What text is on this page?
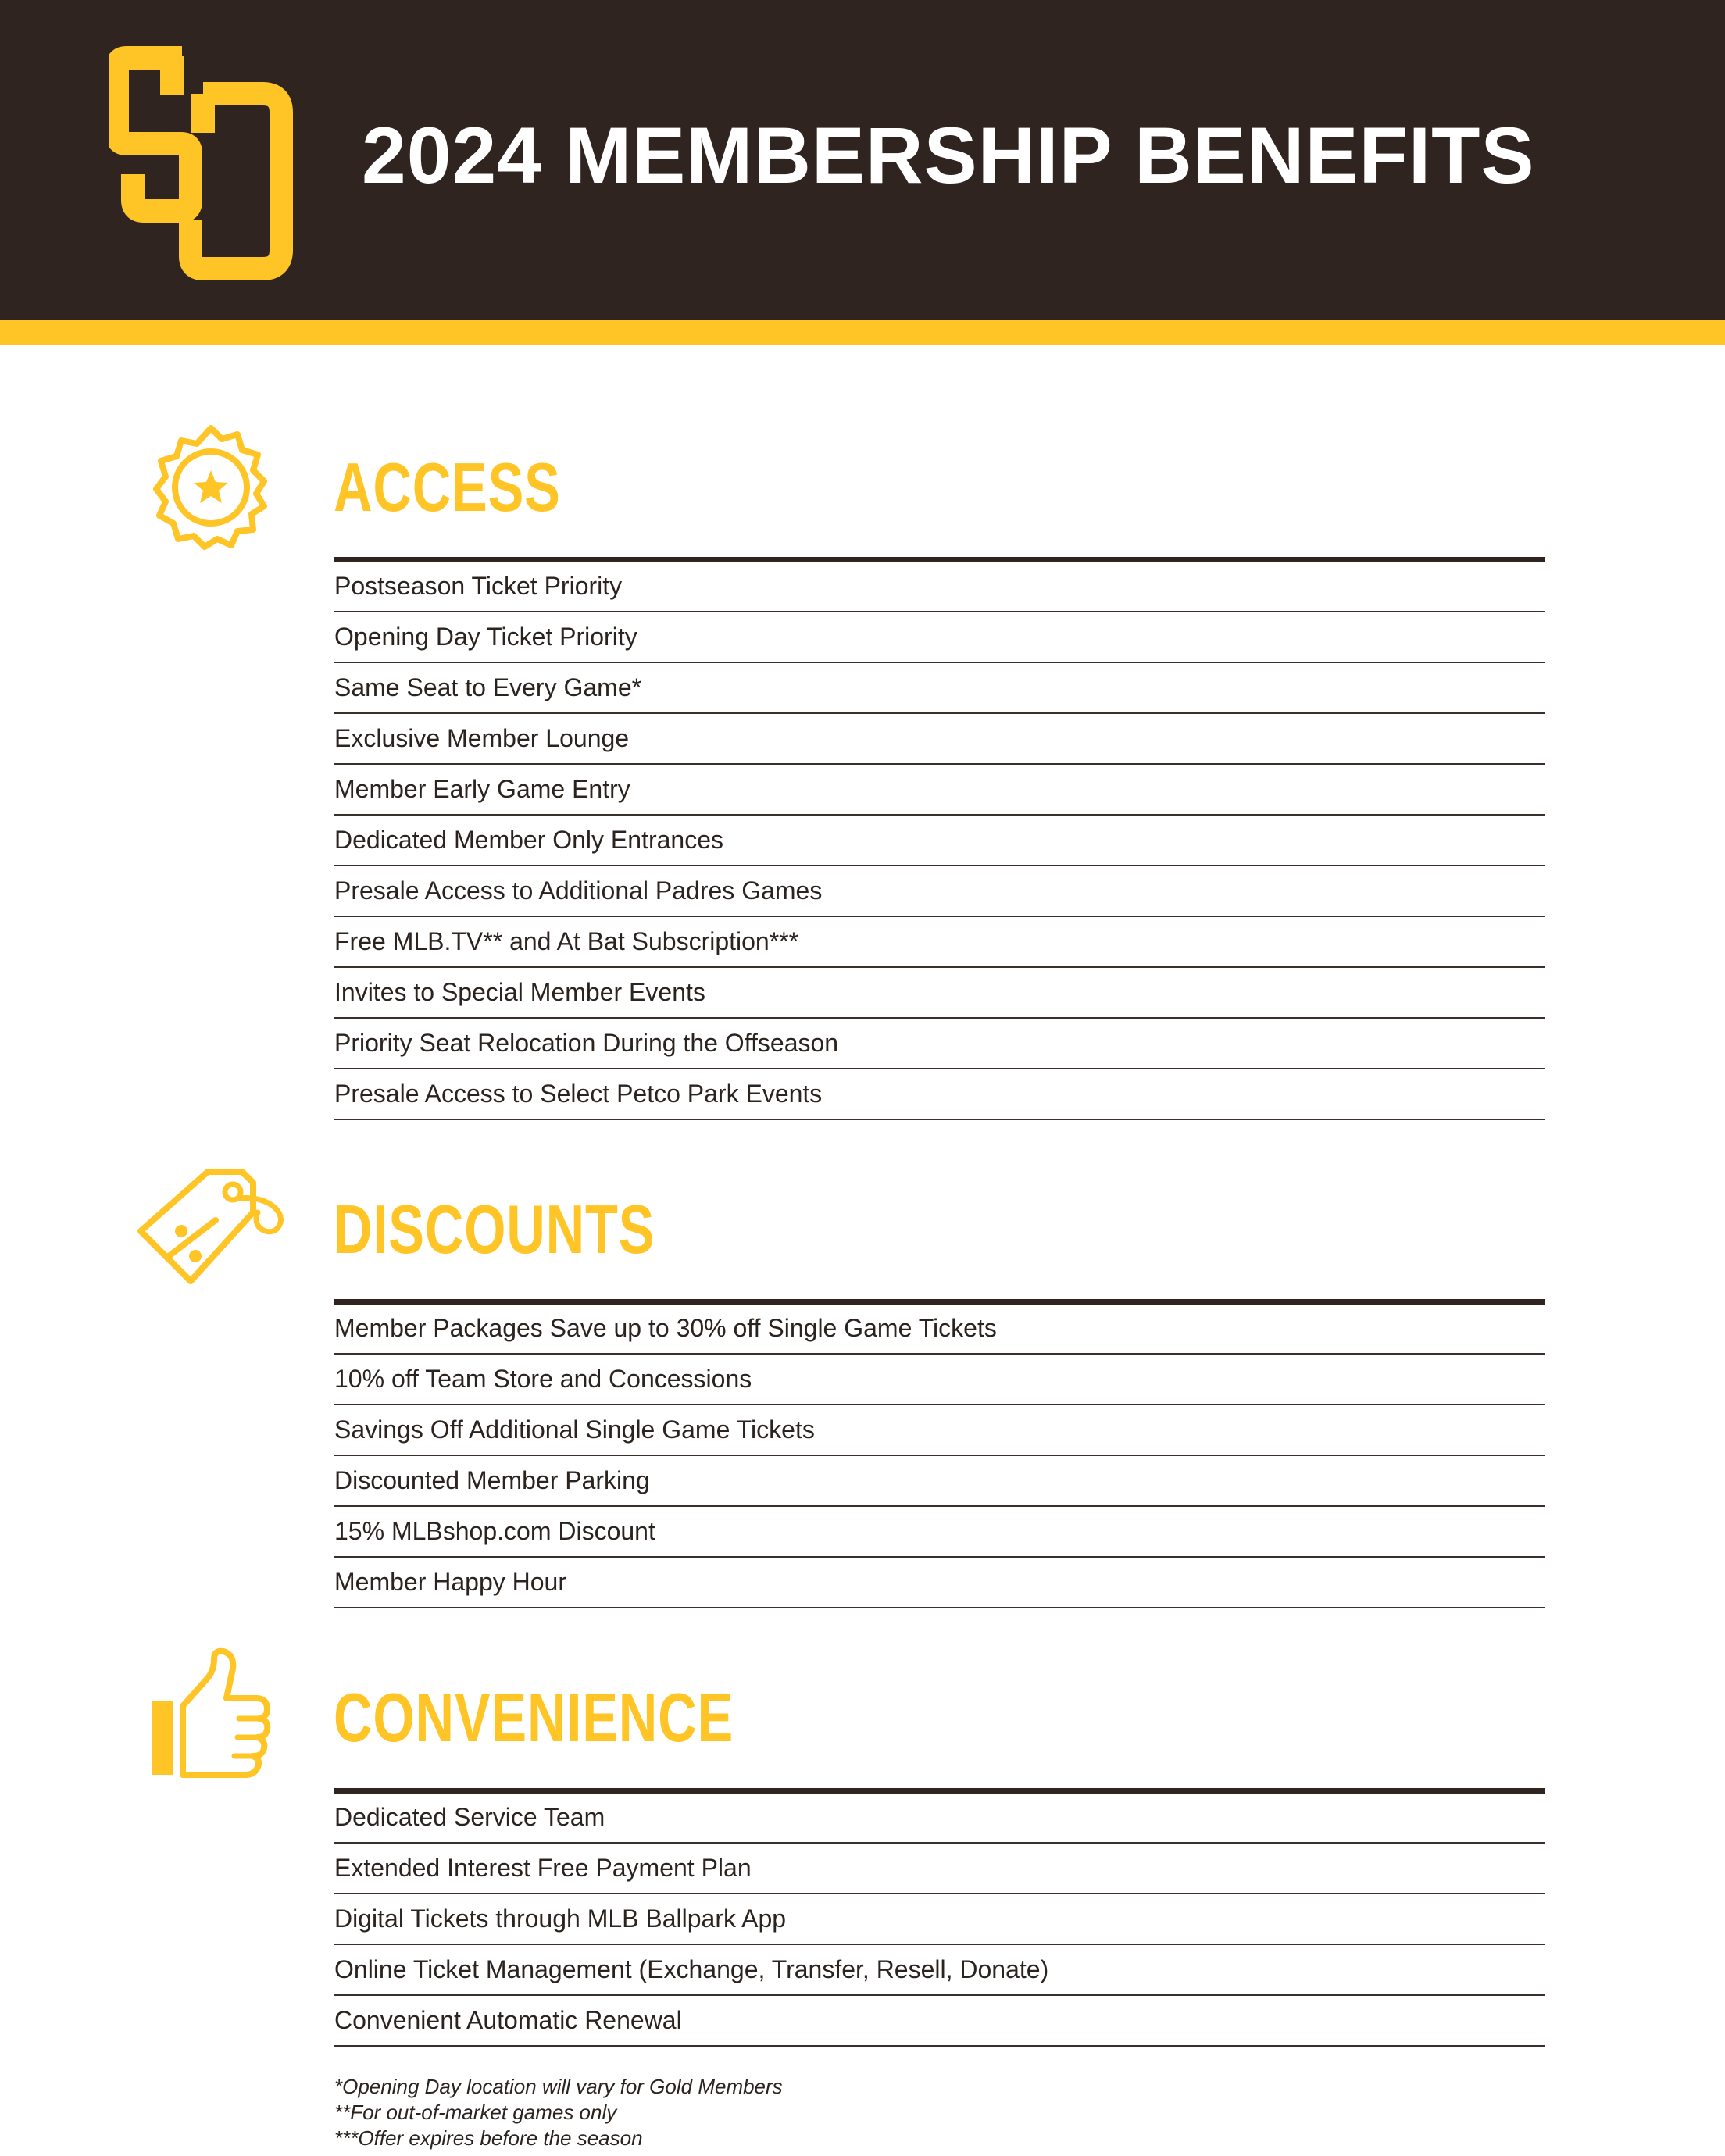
2024 MEMBERSHIP BENEFITS
ACCESS
Postseason Ticket Priority
Opening Day Ticket Priority
Same Seat to Every Game*
Exclusive Member Lounge
Member Early Game Entry
Dedicated Member Only Entrances
Presale Access to Additional Padres Games
Free MLB.TV** and At Bat Subscription***
Invites to Special Member Events
Priority Seat Relocation During the Offseason
Presale Access to Select Petco Park Events
DISCOUNTS
Member Packages Save up to 30% off Single Game Tickets
10% off Team Store and Concessions
Savings Off Additional Single Game Tickets
Discounted Member Parking
15% MLBshop.com Discount
Member Happy Hour
CONVENIENCE
Dedicated Service Team
Extended Interest Free Payment Plan
Digital Tickets through MLB Ballpark App
Online Ticket Management (Exchange, Transfer, Resell, Donate)
Convenient Automatic Renewal
*Opening Day location will vary for Gold Members
**For out-of-market games only
***Offer expires before the season
